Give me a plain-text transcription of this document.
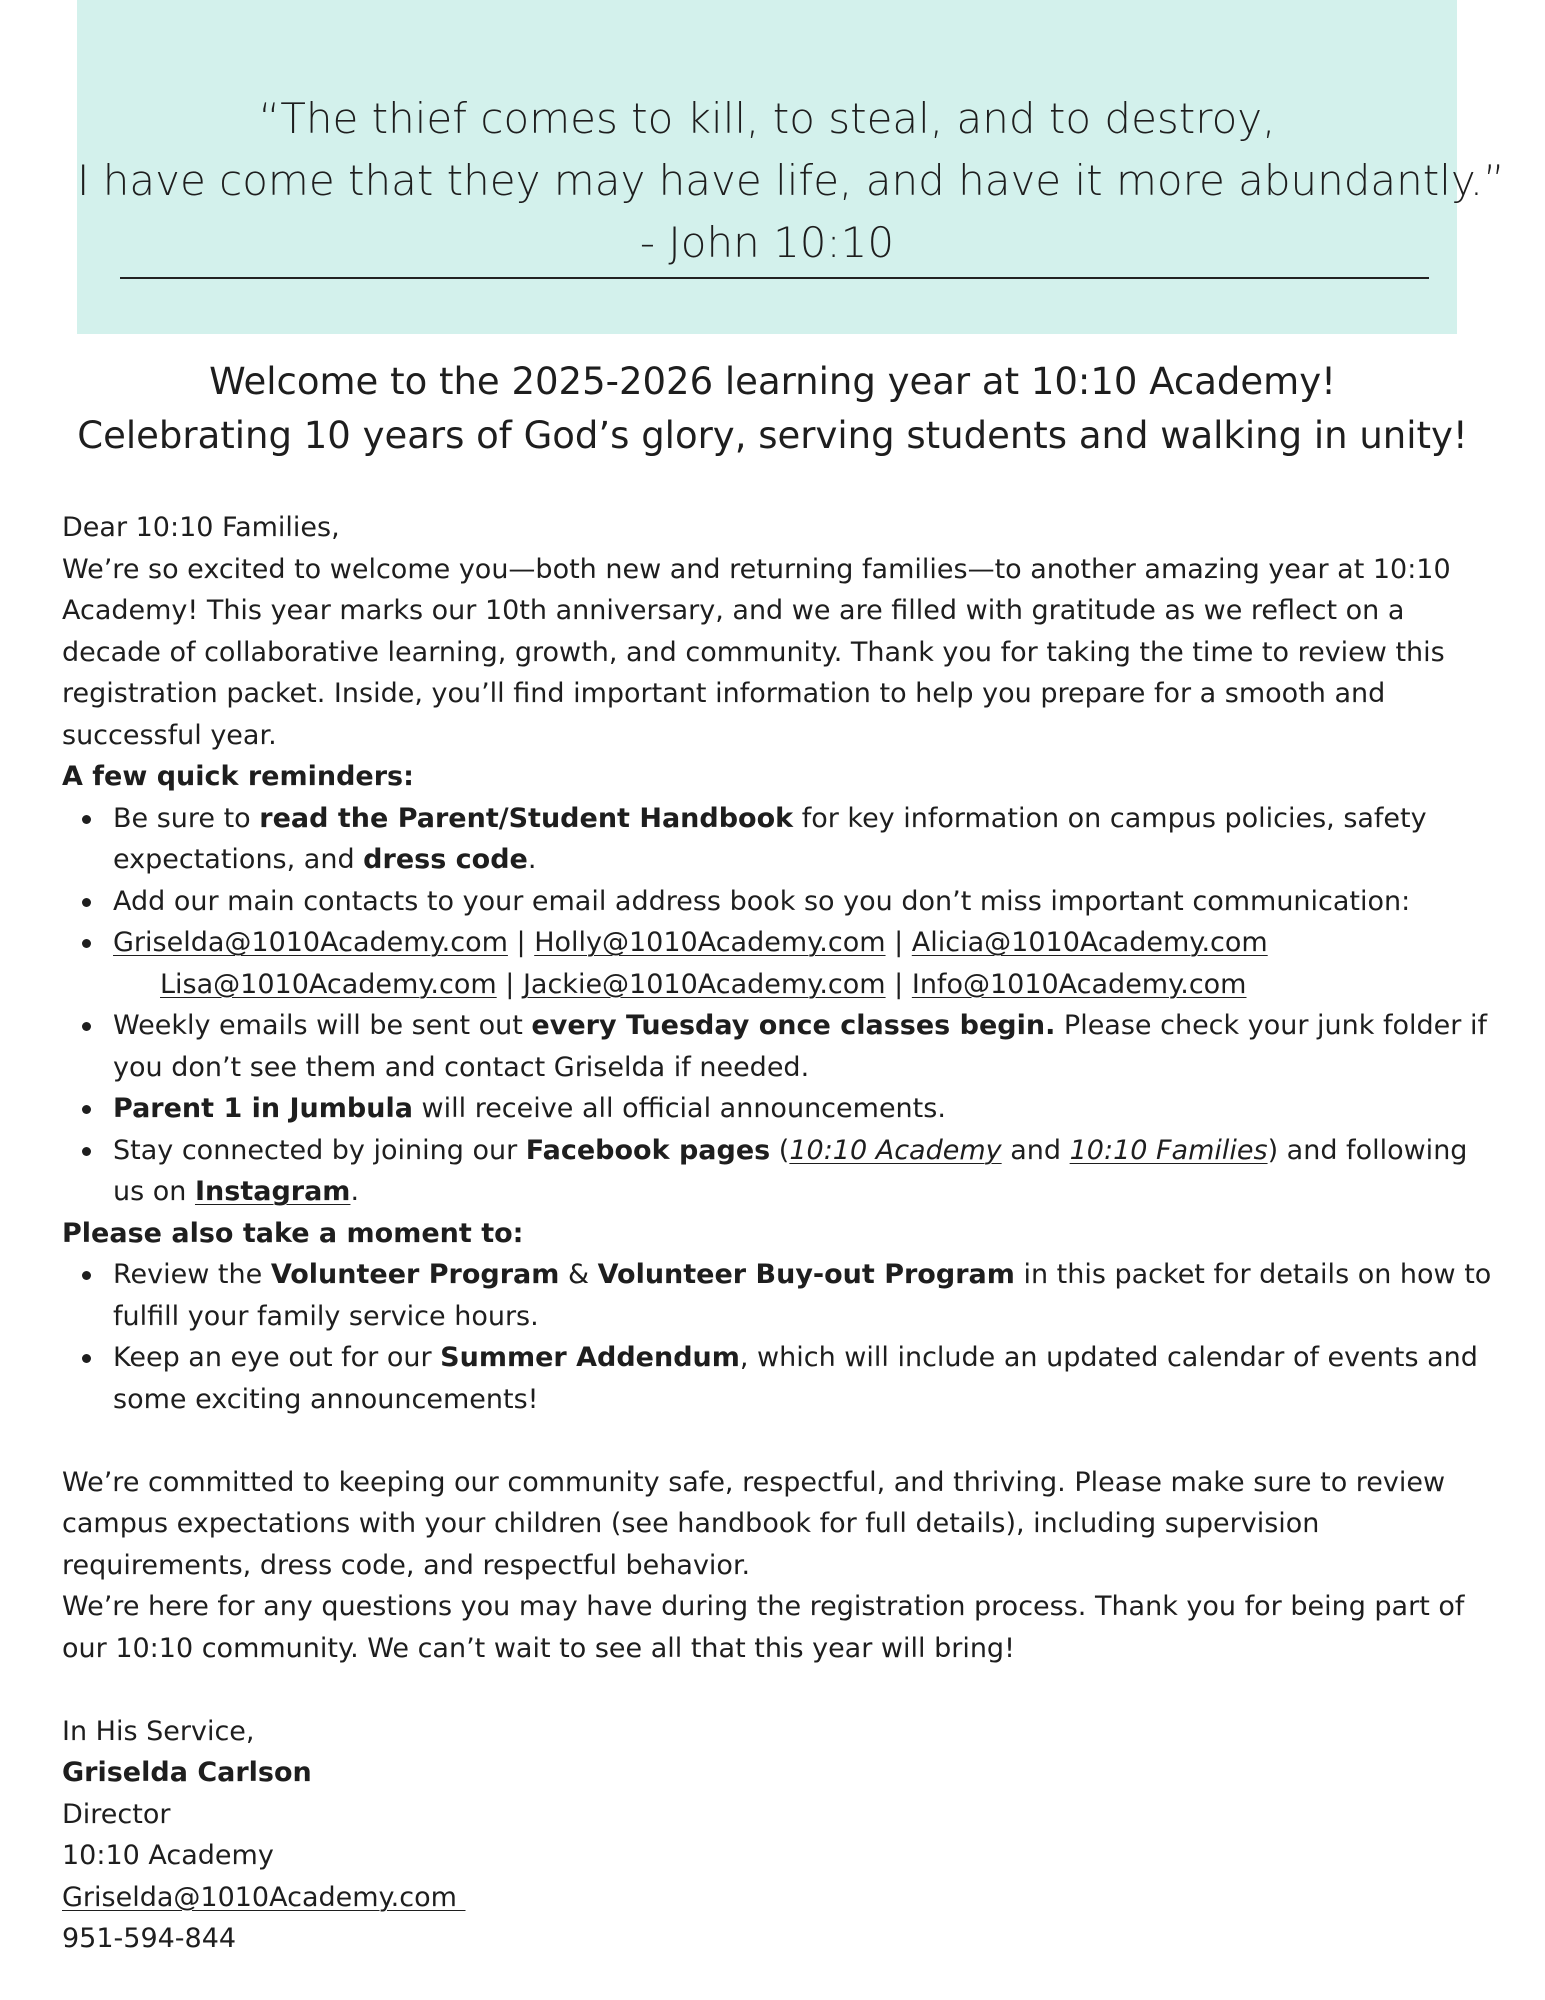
“The thief comes to kill, to steal, and to destroy,
I have come that they may have life, and have it more abundantly.”
- John 10:10
Welcome to the 2025-2026 learning year at 10:10 Academy!
Celebrating 10 years of God’s glory, serving students and walking in unity!

Dear 10:10 Families,

We’re so excited to welcome you—both new and returning families—to another amazing year at 10:10 Academy! This year marks our 10th anniversary, and we are filled with gratitude as we reflect on a decade of collaborative learning, growth, and community. Thank you for taking the time to review this registration packet. Inside, you’ll find important information to help you prepare for a smooth and successful year.

A few quick reminders:

Be sure to read the Parent/Student Handbook for key information on campus policies, safety expectations, and dress code.
Add our main contacts to your email address book so you don’t miss important communication:
Griselda@1010Academy.com | Holly@1010Academy.com | Alicia@1010Academy.com
Lisa@1010Academy.com | Jackie@1010Academy.com | Info@1010Academy.com
Weekly emails will be sent out every Tuesday once classes begin. Please check your junk folder if you don’t see them and contact Griselda if needed.
Parent 1 in Jumbula will receive all official announcements.
Stay connected by joining our Facebook pages (10:10 Academy and 10:10 Families) and following us on Instagram.

Please also take a moment to:

Review the Volunteer Program & Volunteer Buy-out Program in this packet for details on how to fulfill your family service hours.
Keep an eye out for our Summer Addendum, which will include an updated calendar of events and some exciting announcements!

We’re committed to keeping our community safe, respectful, and thriving. Please make sure to review campus expectations with your children (see handbook for full details), including supervision requirements, dress code, and respectful behavior.

We’re here for any questions you may have during the registration process. Thank you for being part of our 10:10 community. We can’t wait to see all that this year will bring!

In His Service,

Griselda Carlson

Director

10:10 Academy

Griselda@1010Academy.com

951-594-844
